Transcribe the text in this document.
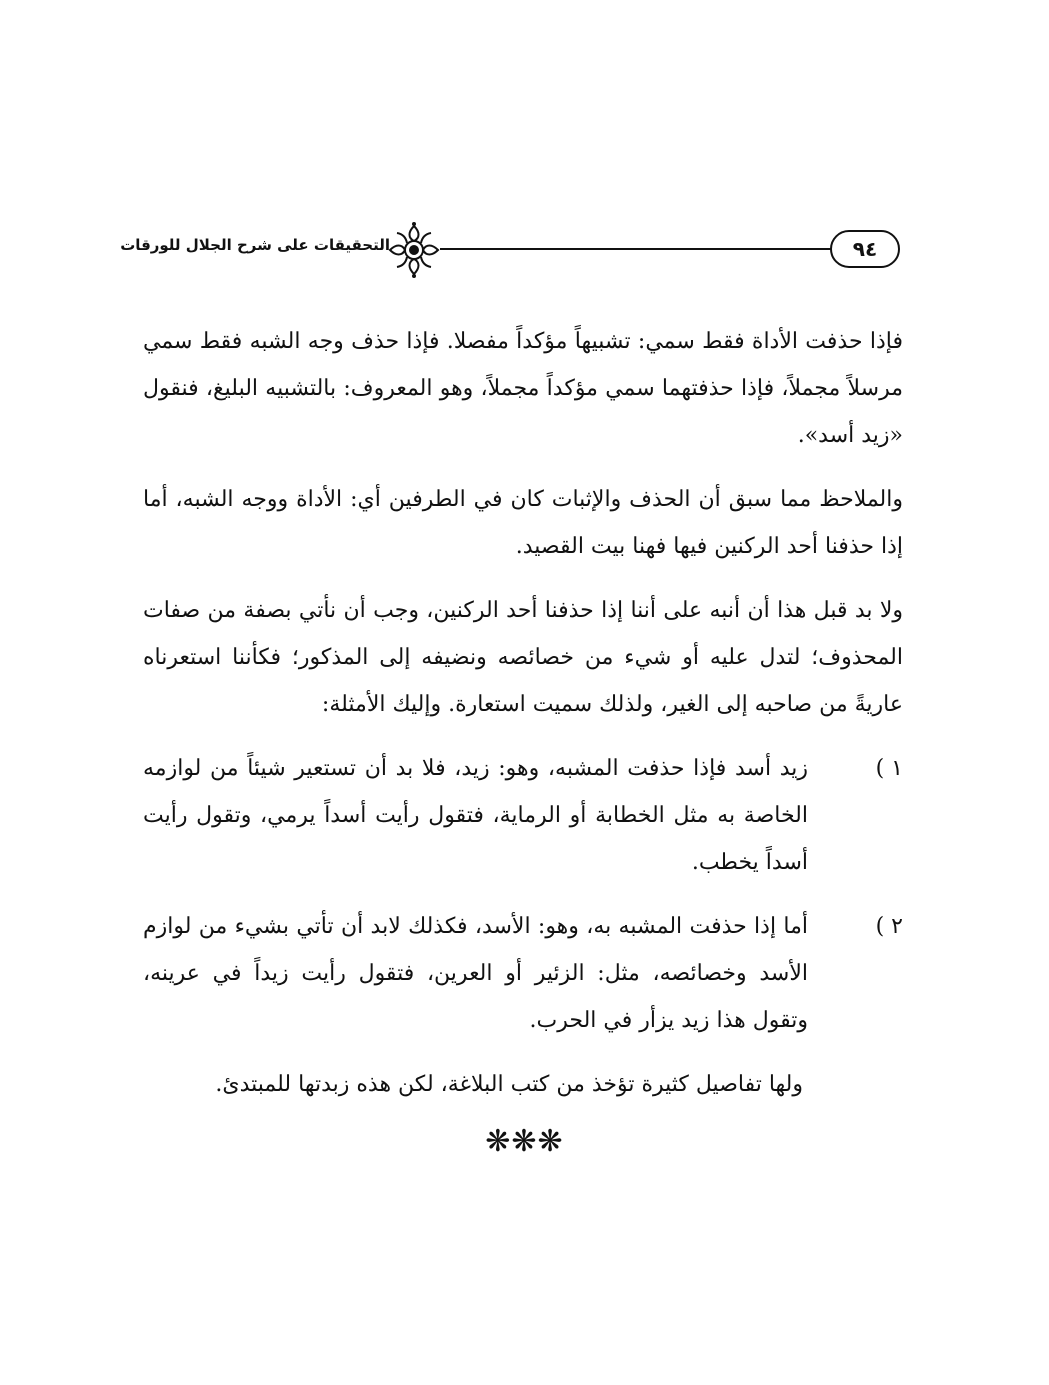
٩٤
التحقيقات على شرح الجلال للورقات

فإذا حذفت الأداة فقط سمي: تشبيهاً مؤكداً مفصلا. فإذا حذف وجه الشبه فقط سمي مرسلاً مجملاً، فإذا حذفتهما سمي مؤكداً مجملاً، وهو المعروف: بالتشبيه البليغ، فنقول «زيد أسد».

والملاحظ مما سبق أن الحذف والإثبات كان في الطرفين أي: الأداة ووجه الشبه، أما إذا حذفنا أحد الركنين فيها فهنا بيت القصيد.

ولا بد قبل هذا أن أنبه على أننا إذا حذفنا أحد الركنين، وجب أن نأتي بصفة من صفات المحذوف؛ لتدل عليه أو شيء من خصائصه ونضيفه إلى المذكور؛ فكأننا استعرناه عاريةً من صاحبه إلى الغير، ولذلك سميت استعارة. وإليك الأمثلة:

١ )
زيد أسد فإذا حذفت المشبه، وهو: زيد، فلا بد أن تستعير شيئاً من لوازمه الخاصة به مثل الخطابة أو الرماية، فتقول رأيت أسداً يرمي، وتقول رأيت أسداً يخطب.
٢ )
أما إذا حذفت المشبه به، وهو: الأسد، فكذلك لابد أن تأتي بشيء من لوازم الأسد وخصائصه، مثل: الزئير أو العرين، فتقول رأيت زيداً في عرينه، وتقول هذا زيد يزأر في الحرب.

ولها تفاصيل كثيرة تؤخذ من كتب البلاغة، لكن هذه زبدتها للمبتدئ.

❋❋❋
